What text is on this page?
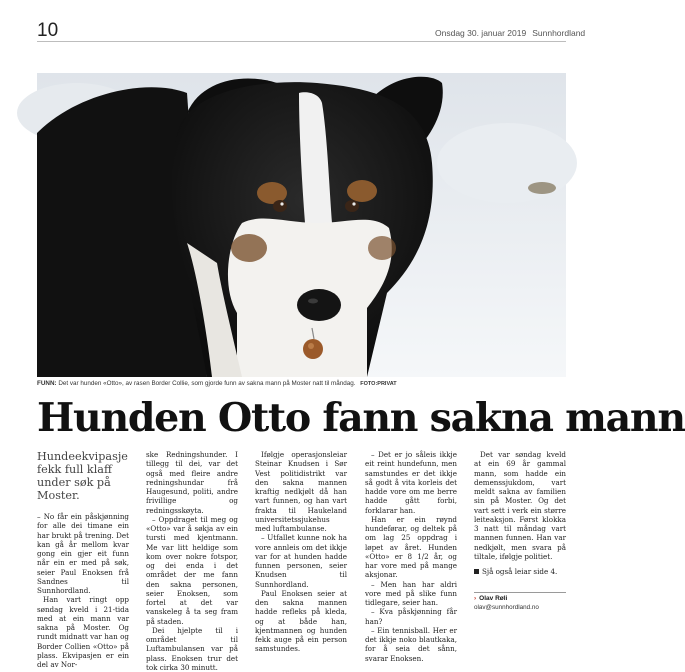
10	Onsdag 30. januar 2019 Sunnhordland
FUNN: Det var hunden «Otto», av rasen Border Collie, som gjorde funn av sakna mann på Moster natt til måndag. FOTO:PRIVAT
Hunden Otto fann sakna mann

Hundeekvipasje fekk full klaff under søk på Moster.

– No får ein påskjønning for alle dei timane ein har brukt på trening. Det kan gå år mellom kvar gong ein gjer eit funn når ein er med på søk, seier Paul Enoksen frå Sandnes til Sunnhordland.

Han vart ringt opp søndag kveld i 21-tida med at ein mann var sakna på Moster. Og rundt midnatt var han og Border Collien «Otto» på plass. Ekvipasjen er ein del av Nor-

ske Redningshunder. I tillegg til dei, var det også med fleire andre redningshundar frå Haugesund, politi, andre frivillige og redningsskøyta.

– Oppdraget til meg og «Otto» var å søkja av ein tursti med kjentmann. Me var litt heldige som kom over nokre fotspor, og dei enda i det området der me fann den sakna personen, seier Enoksen, som fortel at det var vanskeleg å ta seg fram på staden.

Dei hjelpte til i området til Luftambulansen var på plass. Enoksen trur det tok cirka 30 minutt.

Ifølgje operasjonsleiar Steinar Knudsen i Sør Vest politidistrikt var den sakna mannen kraftig nedkjølt då han vart funnen, og han vart frakta til Haukeland universitetssjukehus med luftambulanse.

– Utfallet kunne nok ha vore annleis om det ikkje var for at hunden hadde funnen personen, seier Knudsen til Sunnhordland.

Paul Enoksen seier at den sakna mannen hadde refleks på kleda, og at både han, kjentmannen og hunden fekk auge på ein person samstundes.

– Det er jo såleis ikkje eit reint hundefunn, men samstundes er det ikkje så godt å vita korleis det hadde vore om me berre hadde gått forbi, forklarar han.

Han er ein røynd hundeførar, og deltek på om lag 25 oppdrag i løpet av året. Hunden «Otto» er 8 1/2 år, og har vore med på mange aksjonar.

– Men han har aldri vore med på slike funn tidlegare, seier han.

– Kva påskjønning får han?

– Ein tennisball. Her er det ikkje noko blautkaka, for å seia det sånn, svarar Enoksen.

Det var søndag kveld at ein 69 år gammal mann, som hadde ein demenssjukdom, vart meldt sakna av familien sin på Moster. Og det vart sett i verk ein større leiteaksjon. Først klokka 3 natt til måndag vart mannen funnen. Han var nedkjølt, men svara på tiltale, ifølgje politiet.

Sjå også leiar side 4.

› Olav Røli
olav@sunnhordland.no
